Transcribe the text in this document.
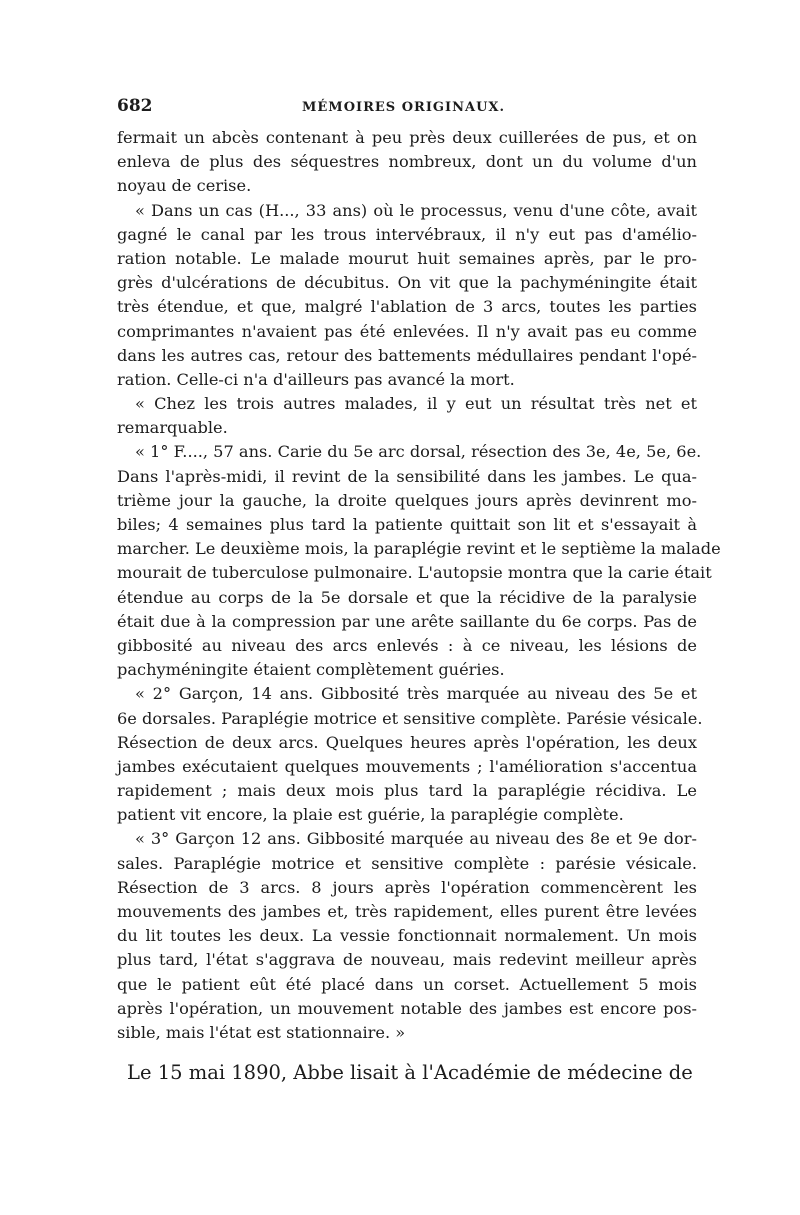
682	MÉMOIRES ORIGINAUX.
fermait un abcès contenant à peu près deux cuillerées de pus, et on
enleva de plus des séquestres nombreux, dont un du volume d'un
noyau de cerise.
« Dans un cas (H..., 33 ans) où le processus, venu d'une côte, avait
gagné le canal par les trous intervébraux, il n'y eut pas d'amélio-
ration notable. Le malade mourut huit semaines après, par le pro-
grès d'ulcérations de décubitus. On vit que la pachyméningite était
très étendue, et que, malgré l'ablation de 3 arcs, toutes les parties
comprimantes n'avaient pas été enlevées. Il n'y avait pas eu comme
dans les autres cas, retour des battements médullaires pendant l'opé-
ration. Celle-ci n'a d'ailleurs pas avancé la mort.
« Chez les trois autres malades, il y eut un résultat très net et
remarquable.
« 1° F...., 57 ans. Carie du 5e arc dorsal, résection des 3e, 4e, 5e, 6e.
Dans l'après-midi, il revint de la sensibilité dans les jambes. Le qua-
trième jour la gauche, la droite quelques jours après devinrent mo-
biles; 4 semaines plus tard la patiente quittait son lit et s'essayait à
marcher. Le deuxième mois, la paraplégie revint et le septième la malade
mourait de tuberculose pulmonaire. L'autopsie montra que la carie était
étendue au corps de la 5e dorsale et que la récidive de la paralysie
était due à la compression par une arête saillante du 6e corps. Pas de
gibbosité au niveau des arcs enlevés : à ce niveau, les lésions de
pachyméningite étaient complètement guéries.
« 2° Garçon, 14 ans. Gibbosité très marquée au niveau des 5e et
6e dorsales. Paraplégie motrice et sensitive complète. Parésie vésicale.
Résection de deux arcs. Quelques heures après l'opération, les deux
jambes exécutaient quelques mouvements ; l'amélioration s'accentua
rapidement ; mais deux mois plus tard la paraplégie récidiva. Le
patient vit encore, la plaie est guérie, la paraplégie complète.
« 3° Garçon 12 ans. Gibbosité marquée au niveau des 8e et 9e dor-
sales. Paraplégie motrice et sensitive complète : parésie vésicale.
Résection de 3 arcs. 8 jours après l'opération commencèrent les
mouvements des jambes et, très rapidement, elles purent être levées
du lit toutes les deux. La vessie fonctionnait normalement. Un mois
plus tard, l'état s'aggrava de nouveau, mais redevint meilleur après
que le patient eût été placé dans un corset. Actuellement 5 mois
après l'opération, un mouvement notable des jambes est encore pos-
sible, mais l'état est stationnaire. »
Le 15 mai 1890, Abbe lisait à l'Académie de médecine de
